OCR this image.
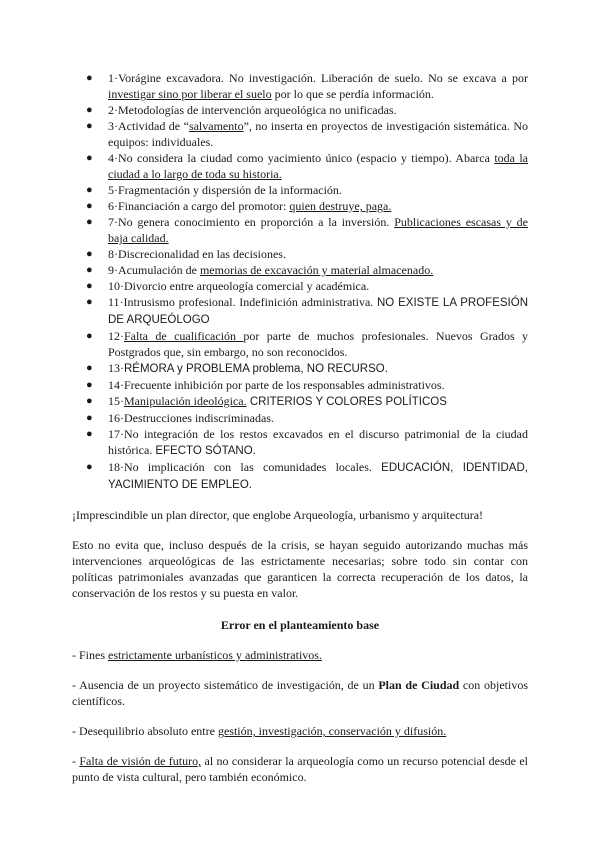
● 1·Vorágine excavadora. No investigación. Liberación de suelo. No se excava a por investigar sino por liberar el suelo por lo que se perdía información.
● 2·Metodologías de intervención arqueológica no unificadas.
● 3·Actividad de “salvamento”, no inserta en proyectos de investigación sistemática. No equipos: individuales.
● 4·No considera la ciudad como yacimiento único (espacio y tiempo). Abarca toda la ciudad a lo largo de toda su historia.
● 5·Fragmentación y dispersión de la información.
● 6·Financiación a cargo del promotor: quien destruye, paga.
● 7·No genera conocimiento en proporción a la inversión. Publicaciones escasas y de baja calidad.
● 8·Discrecionalidad en las decisiones.
● 9·Acumulación de memorias de excavación y material almacenado.
● 10·Divorcio entre arqueología comercial y académica.
● 11·Intrusismo profesional. Indefinición administrativa. NO EXISTE LA PROFESIÓN DE ARQUEÓLOGO
● 12·Falta de cualificación por parte de muchos profesionales. Nuevos Grados y Postgrados que, sin embargo, no son reconocidos.
● 13·RÉMORA y PROBLEMA problema, NO RECURSO.
● 14·Frecuente inhibición por parte de los responsables administrativos.
● 15·Manipulación ideológica. CRITERIOS Y COLORES POLÍTICOS
● 16·Destrucciones indiscriminadas.
● 17·No integración de los restos excavados en el discurso patrimonial de la ciudad histórica. EFECTO SÓTANO.
● 18·No implicación con las comunidades locales. EDUCACIÓN, IDENTIDAD, YACIMIENTO DE EMPLEO.

¡Imprescindible un plan director, que englobe Arqueología, urbanismo y arquitectura!

Esto no evita que, incluso después de la crisis, se hayan seguido autorizando muchas más intervenciones arqueológicas de las estrictamente necesarias; sobre todo sin contar con políticas patrimoniales avanzadas que garanticen la correcta recuperación de los datos, la conservación de los restos y su puesta en valor.

Error en el planteamiento base

- Fines estrictamente urbanísticos y administrativos.

- Ausencia de un proyecto sistemático de investigación, de un Plan de Ciudad con objetivos científicos.

- Desequilibrio absoluto entre gestión, investigación, conservación y difusión.

- Falta de visión de futuro, al no considerar la arqueología como un recurso potencial desde el punto de vista cultural, pero también económico.
